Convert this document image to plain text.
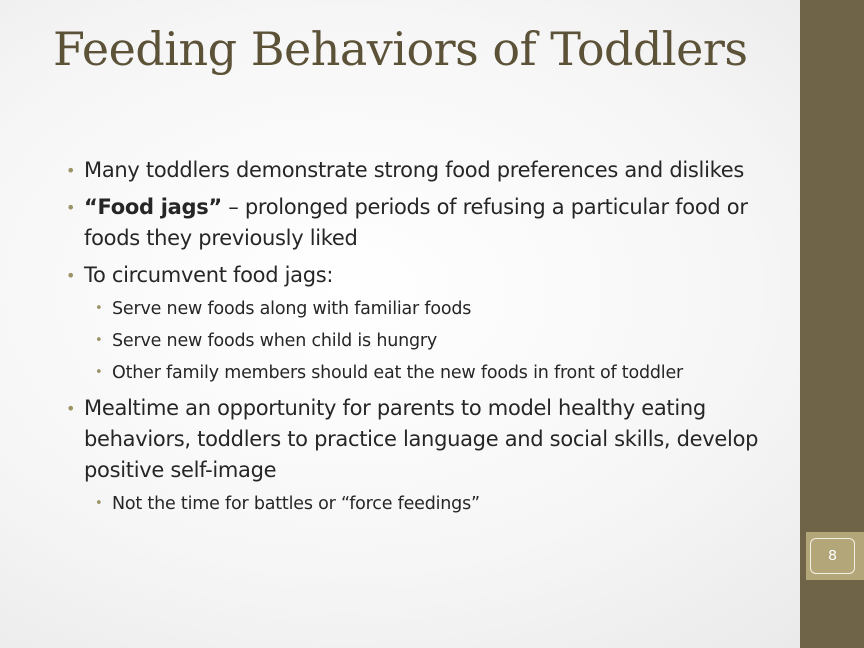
8
Feeding Behaviors of Toddlers
• Many toddlers demonstrate strong food preferences and dislikes
• “Food jags” – prolonged periods of refusing a particular food or foods they previously liked
• To circumvent food jags:
• Serve new foods along with familiar foods
• Serve new foods when child is hungry
• Other family members should eat the new foods in front of toddler
• Mealtime an opportunity for parents to model healthy eating behaviors, toddlers to practice language and social skills, develop positive self-image
• Not the time for battles or “force feedings”
